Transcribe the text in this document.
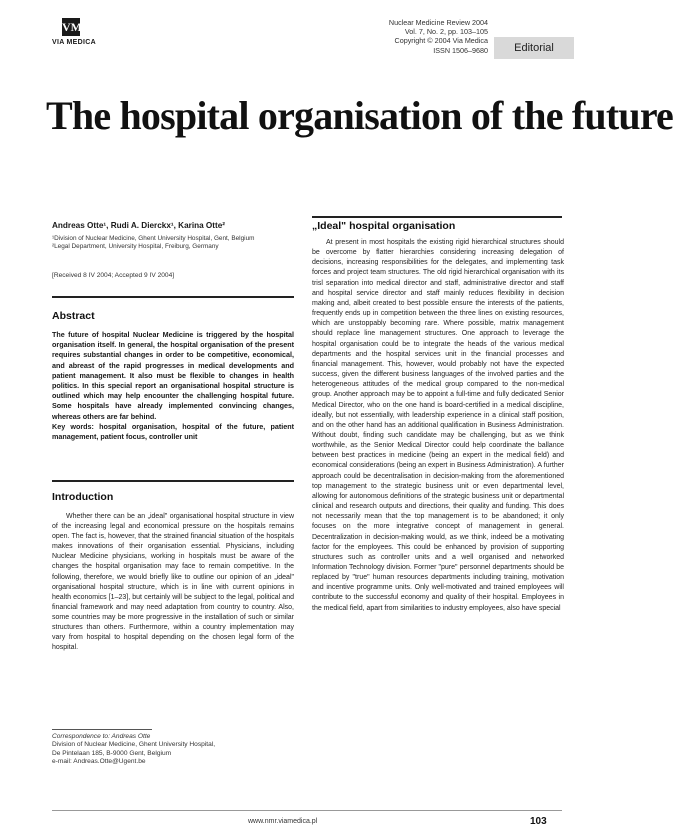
VM
VIA MEDICA
Nuclear Medicine Review 2004
Vol. 7, No. 2, pp. 103–105
Copyright © 2004 Via Medica
ISSN 1506–9680	Editorial
The hospital organisation of the future
Andreas Otte¹, Rudi A. Dierckx¹, Karina Otte²
¹Division of Nuclear Medicine, Ghent University Hospital, Gent, Belgium
²Legal Department, University Hospital, Freiburg, Germany
[Received 8 IV 2004; Accepted 9 IV 2004]
Abstract
The future of hospital Nuclear Medicine is triggered by the hospital organisation itself. In general, the hospital organisation of the present requires substantial changes in order to be competitive, economical, and abreast of the rapid progresses in medical developments and patient management. It also must be flexible to changes in health politics. In this special report an organisational hospital structure is outlined which may help encounter the challenging hospital future. Some hospitals have already implemented convincing changes, whereas others are far behind.
Key words: hospital organisation, hospital of the future, patient management, patient focus, controller unit
Introduction

Whether there can be an „ideal" organisational hospital structure in view of the increasing legal and economical pressure on the hospitals remains open. The fact is, however, that the strained financial situation of the hospitals makes innovations of their organisation essential. Physicians, including Nuclear Medicine physicians, working in hospitals must be aware of the changes the hospital organisation may face to remain competitive. In the following, therefore, we would briefly like to outline our opinion of an „ideal" organisational hospital structure, which is in line with current opinions in health economics [1–23], but certainly will be subject to the legal, political and financial framework and may need adaptation from country to country. Also, some countries may be more progressive in the installation of such or similar structures than others. Furthermore, within a country implementation may vary from hospital to hospital depending on the chosen legal form of the hospital.

Correspondence to: Andreas Otte
Division of Nuclear Medicine, Ghent University Hospital,
De Pintelaan 185, B-9000 Gent, Belgium
e-mail: Andreas.Otte@Ugent.be
„Ideal" hospital organisation

At present in most hospitals the existing rigid hierarchical structures should be overcome by flatter hierarchies considering increasing delegation of decisions, increasing responsibilities for the delegates, and implementing task forces and project team structures. The old rigid hierarchical organisation with its trisl separation into medical director and staff, administrative director and staff and hospital service director and staff mainly reduces flexibility in decision making and, albeit created to best possible ensure the interests of the patients, frequently ends up in competition between the three lines on existing resources, which are unstoppably becoming rare. Where possible, matrix management should replace line management structures. One approach to leverage the hospital organisation could be to integrate the heads of the various medical departments and the hospital services unit in the financial processes and financial management. This, however, would probably not have the expected success, given the different business languages of the involved parties and the heterogeneous attitudes of the medical group compared to the non-medical group. Another approach may be to appoint a full-time and fully dedicated Senior Medical Director, who on the one hand is board-certified in a medical discipline, ideally, but not essentially, with leadership experience in a clinical staff position, and on the other hand has an additional qualification in Business Administration. Without doubt, finding such candidate may be challenging, but as we think worthwhile, as the Senior Medical Director could help coordinate the ballance between best practices in medicine (being an expert in the medical field) and economical considerations (being an expert in Business Administration). A further approach could be decentralisation in decision-making from the aforementioned top management to the strategic business unit or even departmental level, allowing for autonomous definitions of the strategic business unit or departmental clinical and research outputs and directions, their quality and funding. This does not necessarily mean that the top management is to be abandoned; it only focuses on the more integrative concept of management in general. Decentralization in decision-making would, as we think, indeed be a motivating factor for the employees. This could be enhanced by provision of supporting structures such as controller units and a well organised and networked Information Technology division. Former "pure" personnel departments should be replaced by "true" human resources departments including training, motivation and incentive programme units. Only well-motivated and trained employees will contribute to the successful economy and quality of their hospital. Employees in the medical field, apart from similarities to industry employees, also have special

www.nmr.viamedica.pl	103
